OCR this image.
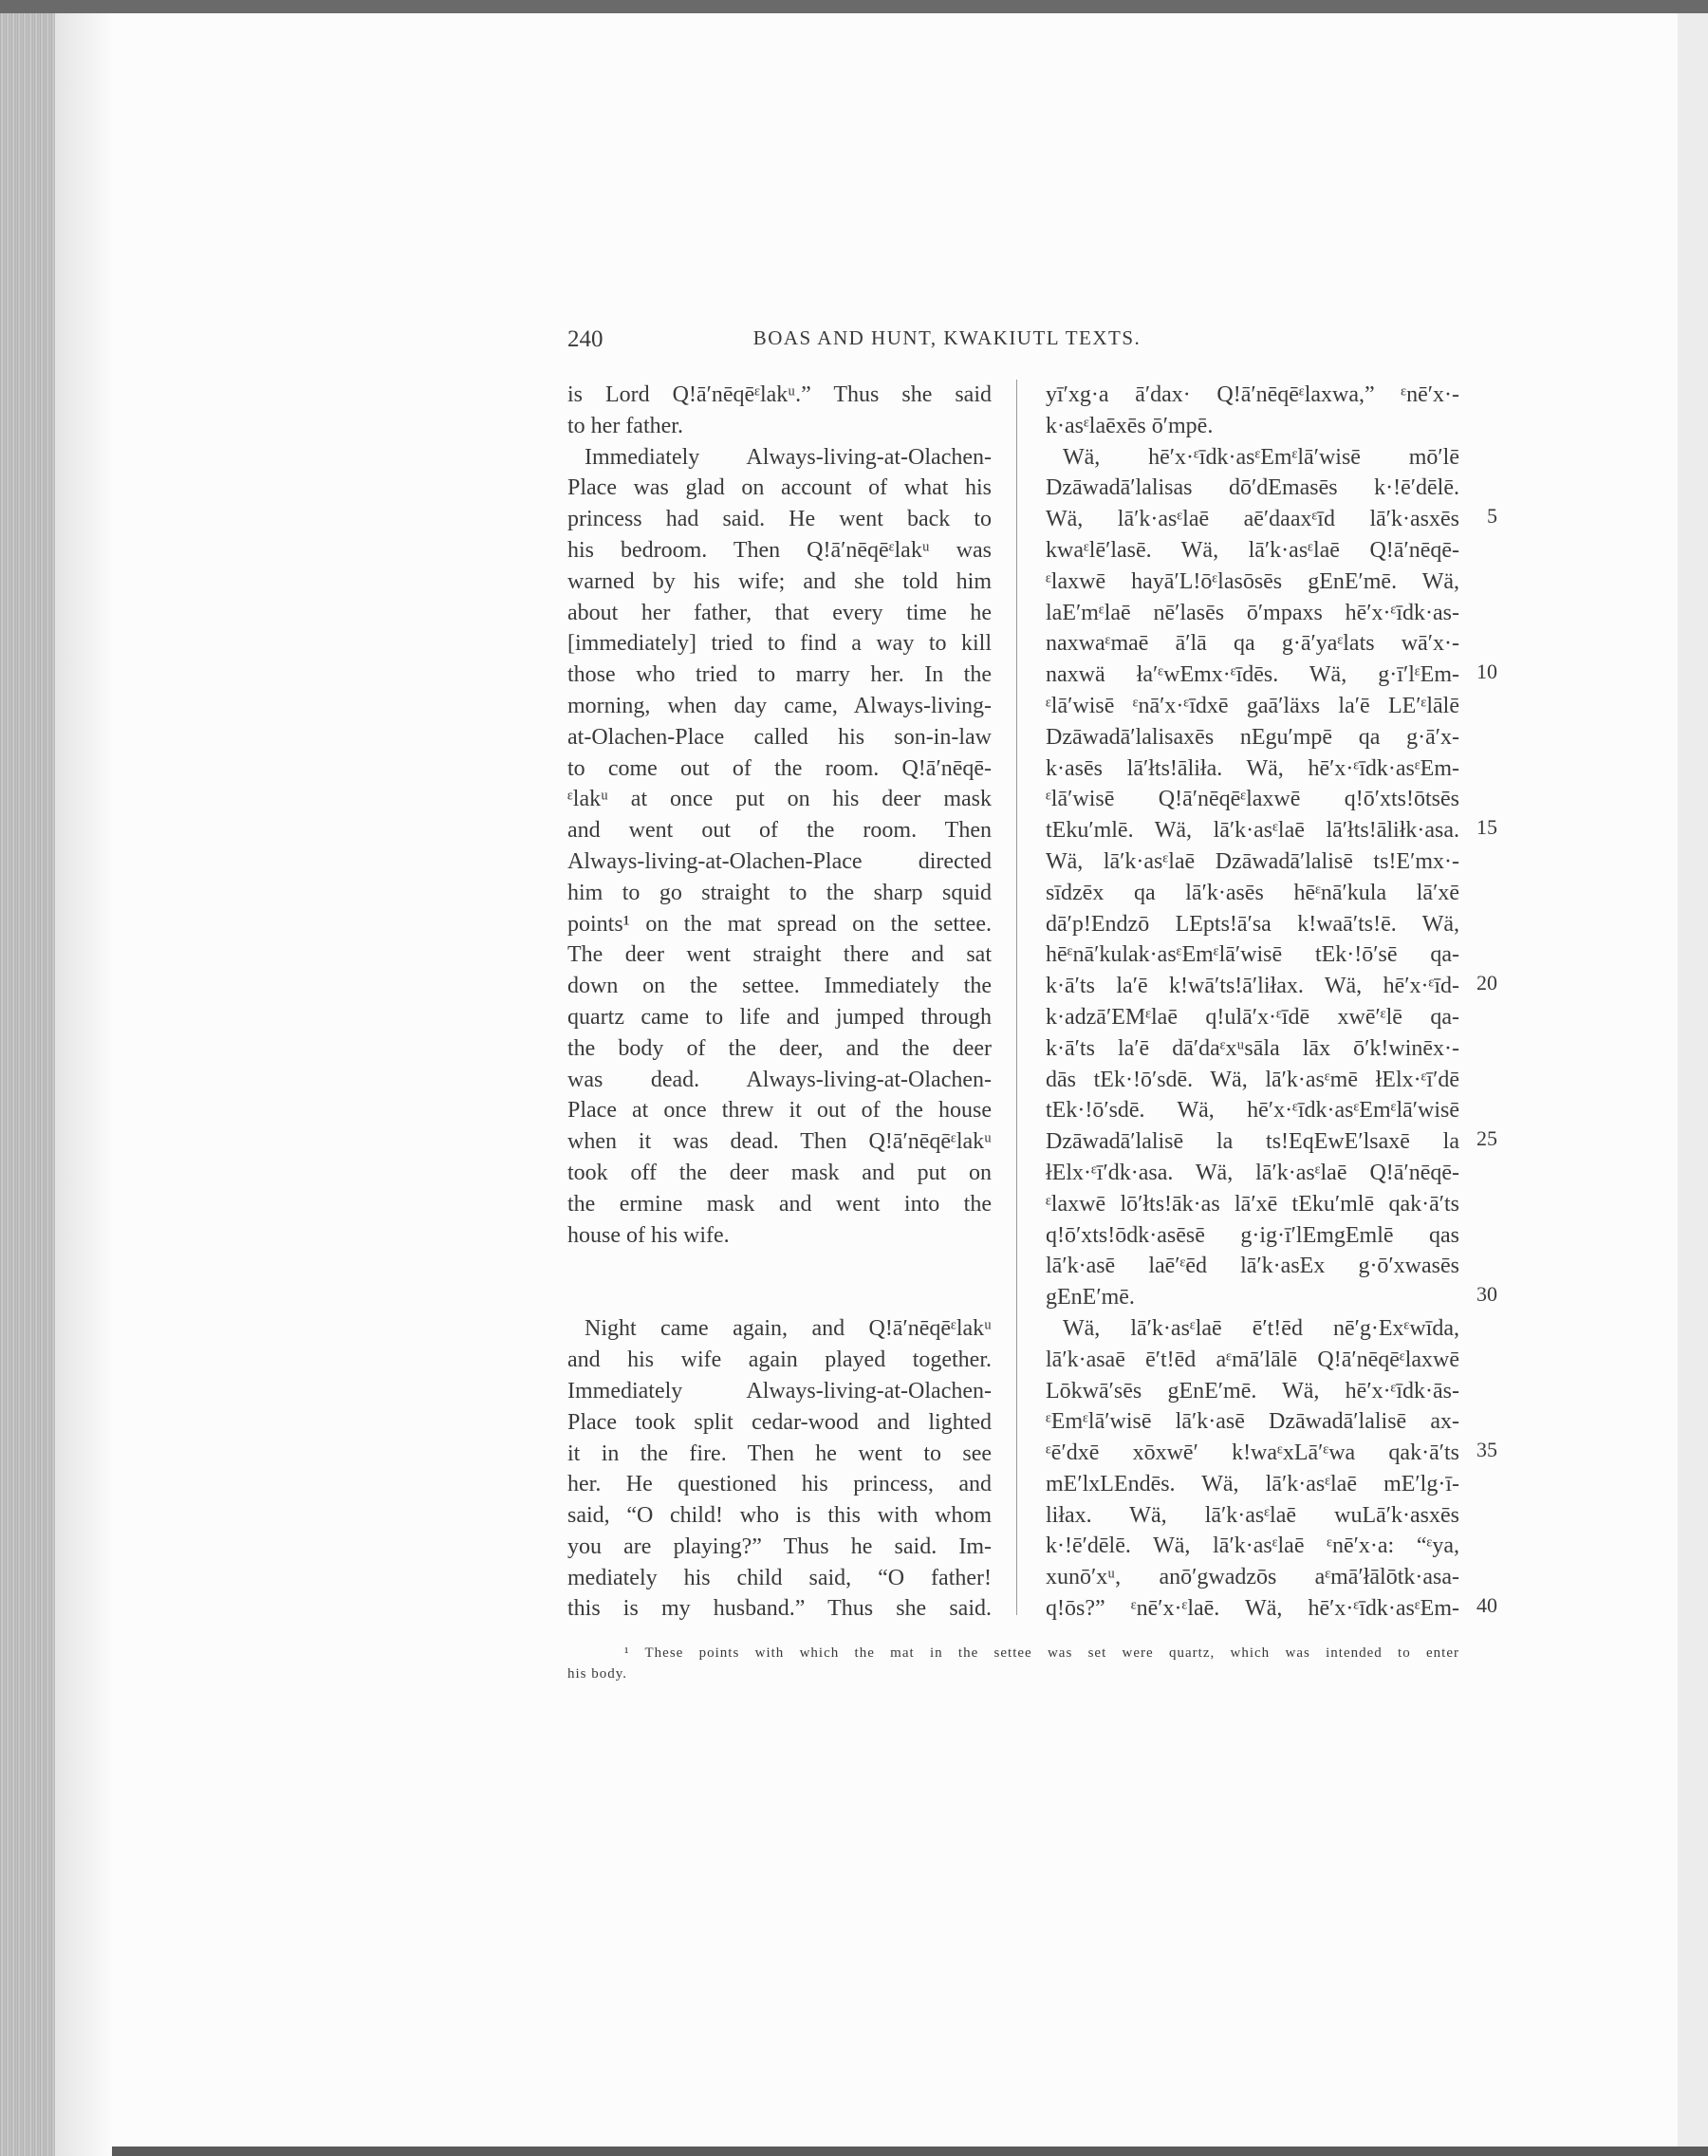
240	BOAS AND HUNT, KWAKIUTL TEXTS.
is Lord Q!ā′nēqēᵋlakᵘ.” Thus she said
to her father.
Immediately Always-living-at-Olachen-
Place was glad on account of what his
princess had said. He went back to
his bedroom. Then Q!ā′nēqēᵋlakᵘ was
warned by his wife; and she told him
about her father, that every time he
[immediately] tried to find a way to kill
those who tried to marry her. In the
morning, when day came, Always-living-
at-Olachen-Place called his son-in-law
to come out of the room. Q!ā′nēqē-
ᵋlakᵘ at once put on his deer mask
and went out of the room. Then
Always-living-at-Olachen-Place directed
him to go straight to the sharp squid
points¹ on the mat spread on the settee.
The deer went straight there and sat
down on the settee. Immediately the
quartz came to life and jumped through
the body of the deer, and the deer
was dead. Always-living-at-Olachen-
Place at once threw it out of the house
when it was dead. Then Q!ā′nēqēᵋlakᵘ
took off the deer mask and put on
the ermine mask and went into the
house of his wife.
Night came again, and Q!ā′nēqēᵋlakᵘ
and his wife again played together.
Immediately Always-living-at-Olachen-
Place took split cedar-wood and lighted
it in the fire. Then he went to see
her. He questioned his princess, and
said, “O child! who is this with whom
you are playing?” Thus he said. Im-
mediately his child said, “O father!
this is my husband.” Thus she said.
yī′xg·a ā′dax· Q!ā′nēqēᵋlaxwa,” ᵋnē′x·-
k·asᵋlaēxēs ō′mpē.
Wä, hē′x·ᵋīdk·asᵋEmᵋlā′wisē mō′lē
Dzāwadā′lalisas dō′dEmasēs k·!ē′dēlē.
Wä, lā′k·asᵋlaē aē′daaxᵋīd lā′k·asxēs
kwaᵋlē′lasē. Wä, lā′k·asᵋlaē Q!ā′nēqē-
ᵋlaxwē hayā′L!ōᵋlasōsēs gEnE′mē. Wä,
laE′mᵋlaē nē′lasēs ō′mpaxs hē′x·ᵋīdk·as-
naxwaᵋmaē ā′lā qa g·ā′yaᵋlats wā′x·-
naxwä ła′ᵋwEmx·ᵋīdēs. Wä, g·ī′lᵋEm-
ᵋlā′wisē ᵋnā′x·ᵋīdxē gaā′läxs la′ē LE′ᵋlālē
Dzāwadā′lalisaxēs nEgu′mpē qa g·ā′x-
k·asēs lā′łts!āliła. Wä, hē′x·ᵋīdk·asᵋEm-
ᵋlā′wisē Q!ā′nēqēᵋlaxwē q!ō′xts!ōtsēs
tEku′mlē. Wä, lā′k·asᵋlaē lā′łts!āliłk·asa.
Wä, lā′k·asᵋlaē Dzāwadā′lalisē ts!E′mx·-
sīdzēx qa lā′k·asēs hēᵋnā′kula lā′xē
dā′p!Endzō LEpts!ā′sa k!waā′ts!ē. Wä,
hēᵋnā′kulak·asᵋEmᵋlā′wisē tEk·!ō′sē qa-
k·ā′ts la′ē k!wā′ts!ā′liłax. Wä, hē′x·ᵋīd-
k·adzā′EMᵋlaē q!ulā′x·ᵋīdē xwē′ᵋlē qa-
k·ā′ts la′ē dā′daᵋxᵘsāla lāx ō′k!winēx·-
dās tEk·!ō′sdē. Wä, lā′k·asᵋmē łElx·ᵋī′dē
tEk·!ō′sdē. Wä, hē′x·ᵋīdk·asᵋEmᵋlā′wisē
Dzāwadā′lalisē la ts!EqEwE′lsaxē la
łElx·ᵋī′dk·asa. Wä, lā′k·asᵋlaē Q!ā′nēqē-
ᵋlaxwē lō′łts!āk·as lā′xē tEku′mlē qak·ā′ts
q!ō′xts!ōdk·asēsē g·ig·ī′lEmgEmlē qas
lā′k·asē laē′ᵋēd lā′k·asEx g·ō′xwasēs
gEnE′mē.
Wä, lā′k·asᵋlaē ē′t!ēd nē′g·Exᵋwīda,
lā′k·asaē ē′t!ēd aᵋmā′lālē Q!ā′nēqēᵋlaxwē
Lōkwā′sēs gEnE′mē. Wä, hē′x·ᵋīdk·ās-
ᵋEmᵋlā′wisē lā′k·asē Dzāwadā′lalisē ax-
ᵋē′dxē xōxwē′ k!waᵋxLā′ᵋwa qak·ā′ts
mE′lxLEndēs. Wä, lā′k·asᵋlaē mE′lg·ī-
liłax. Wä, lā′k·asᵋlaē wuLā′k·asxēs
k·!ē′dēlē. Wä, lā′k·asᵋlaē ᵋnē′x·a: “ᵋya,
xunō′xᵘ, anō′gwadzōs aᵋmā′łālōtk·asa-
q!ōs?” ᵋnē′x·ᵋlaē. Wä, hē′x·ᵋīdk·asᵋEm-
5
10
15
20
25
30
35
40
¹ These points with which the mat in the settee was set were quartz, which was intended to enter
his body.
